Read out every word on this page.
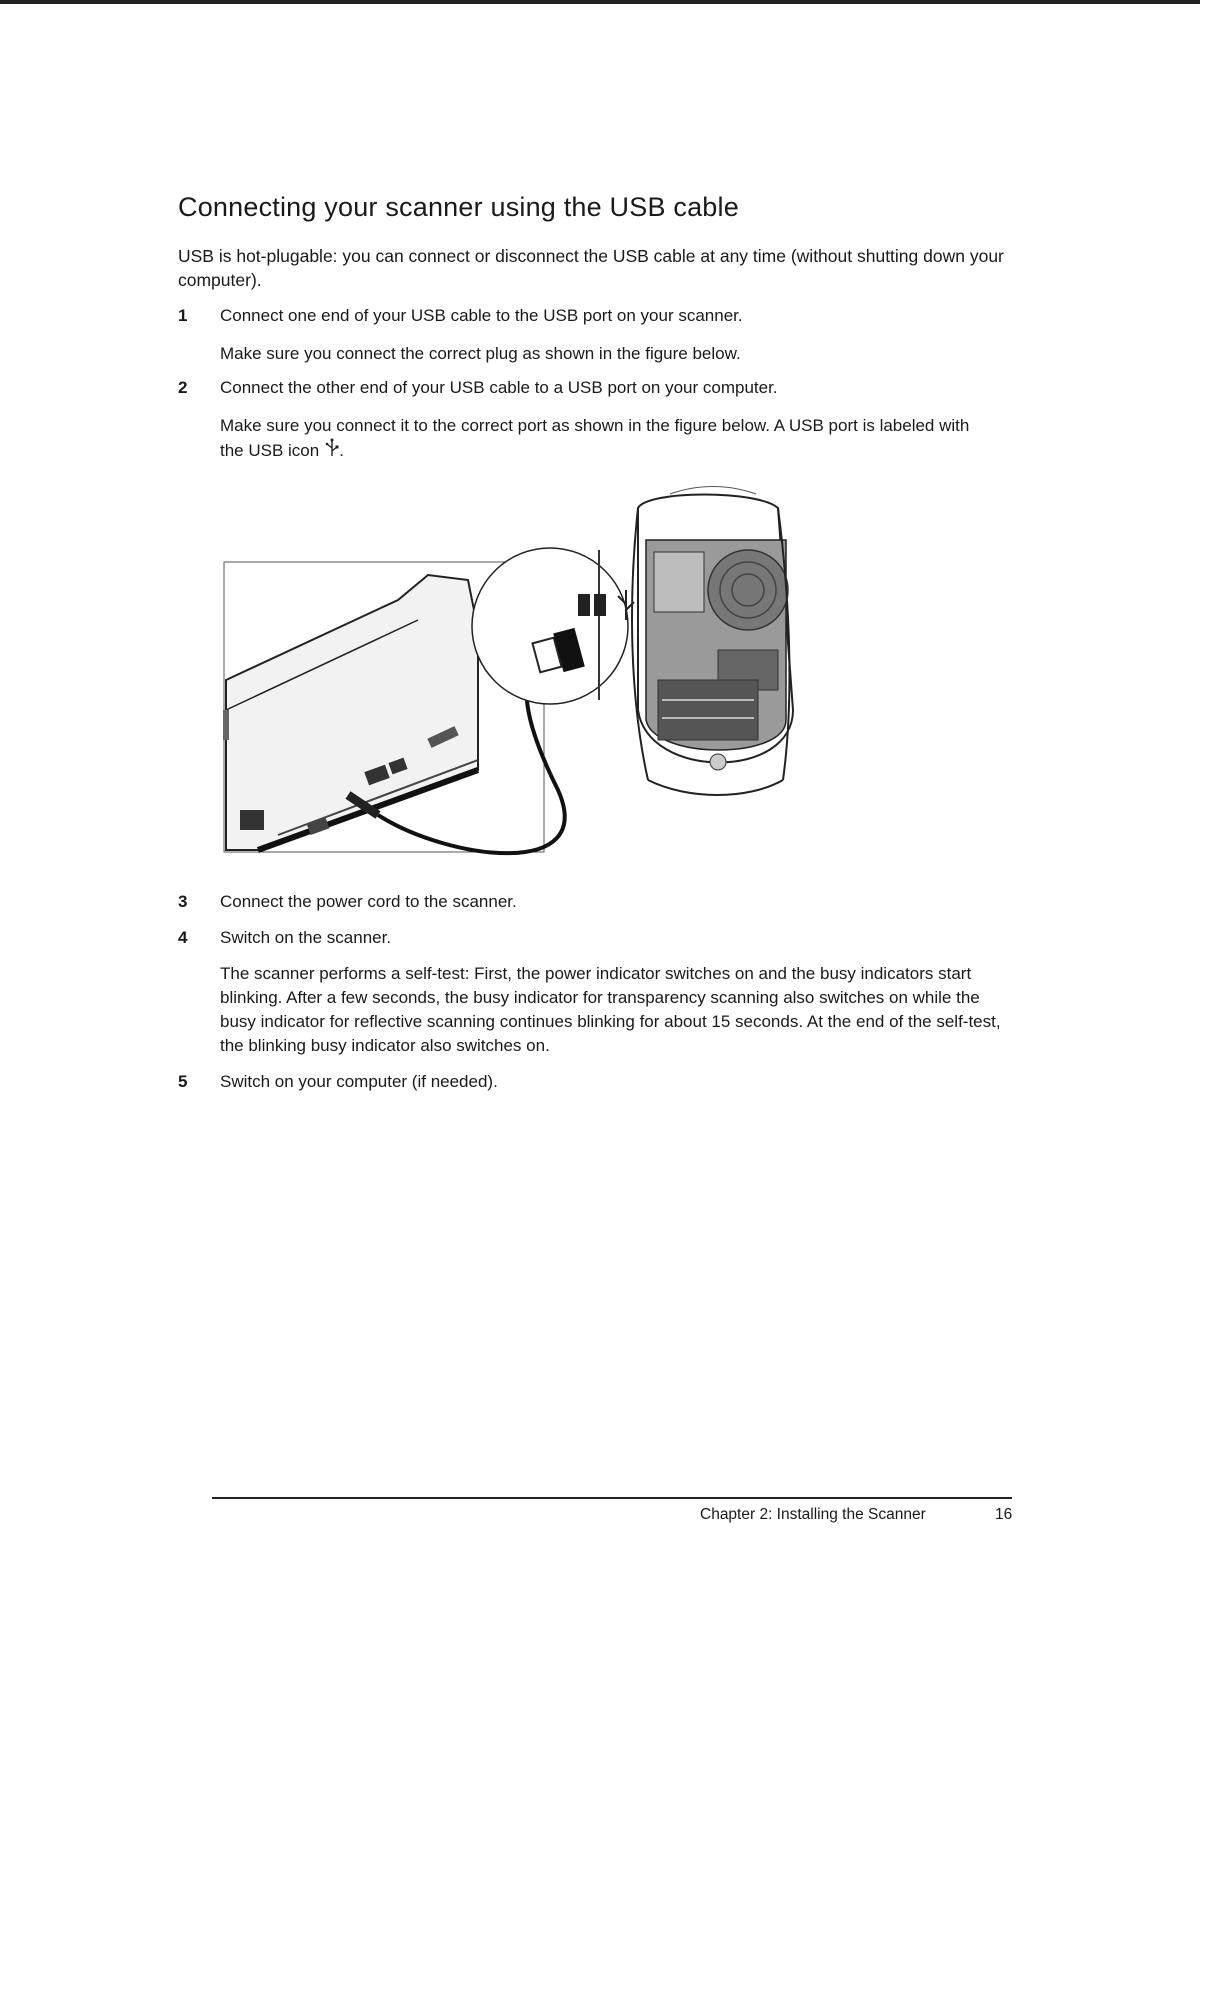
Connecting your scanner using the USB cable

USB is hot-plugable: you can connect or disconnect the USB cable at any time (without shutting down your computer).

1 Connect one end of your USB cable to the USB port on your scanner.
Make sure you connect the correct plug as shown in the figure below.
2 Connect the other end of your USB cable to a USB port on your computer.
Make sure you connect it to the correct port as shown in the figure below. A USB port is labeled with the USB icon .
3 Connect the power cord to the scanner.
4 Switch on the scanner.
The scanner performs a self-test: First, the power indicator switches on and the busy indicators start blinking. After a few seconds, the busy indicator for transparency scanning also switches on while the busy indicator for reflective scanning continues blinking for about 15 seconds. At the end of the self-test, the blinking busy indicator also switches on.
5 Switch on your computer (if needed).
Chapter 2: Installing the Scanner	16
